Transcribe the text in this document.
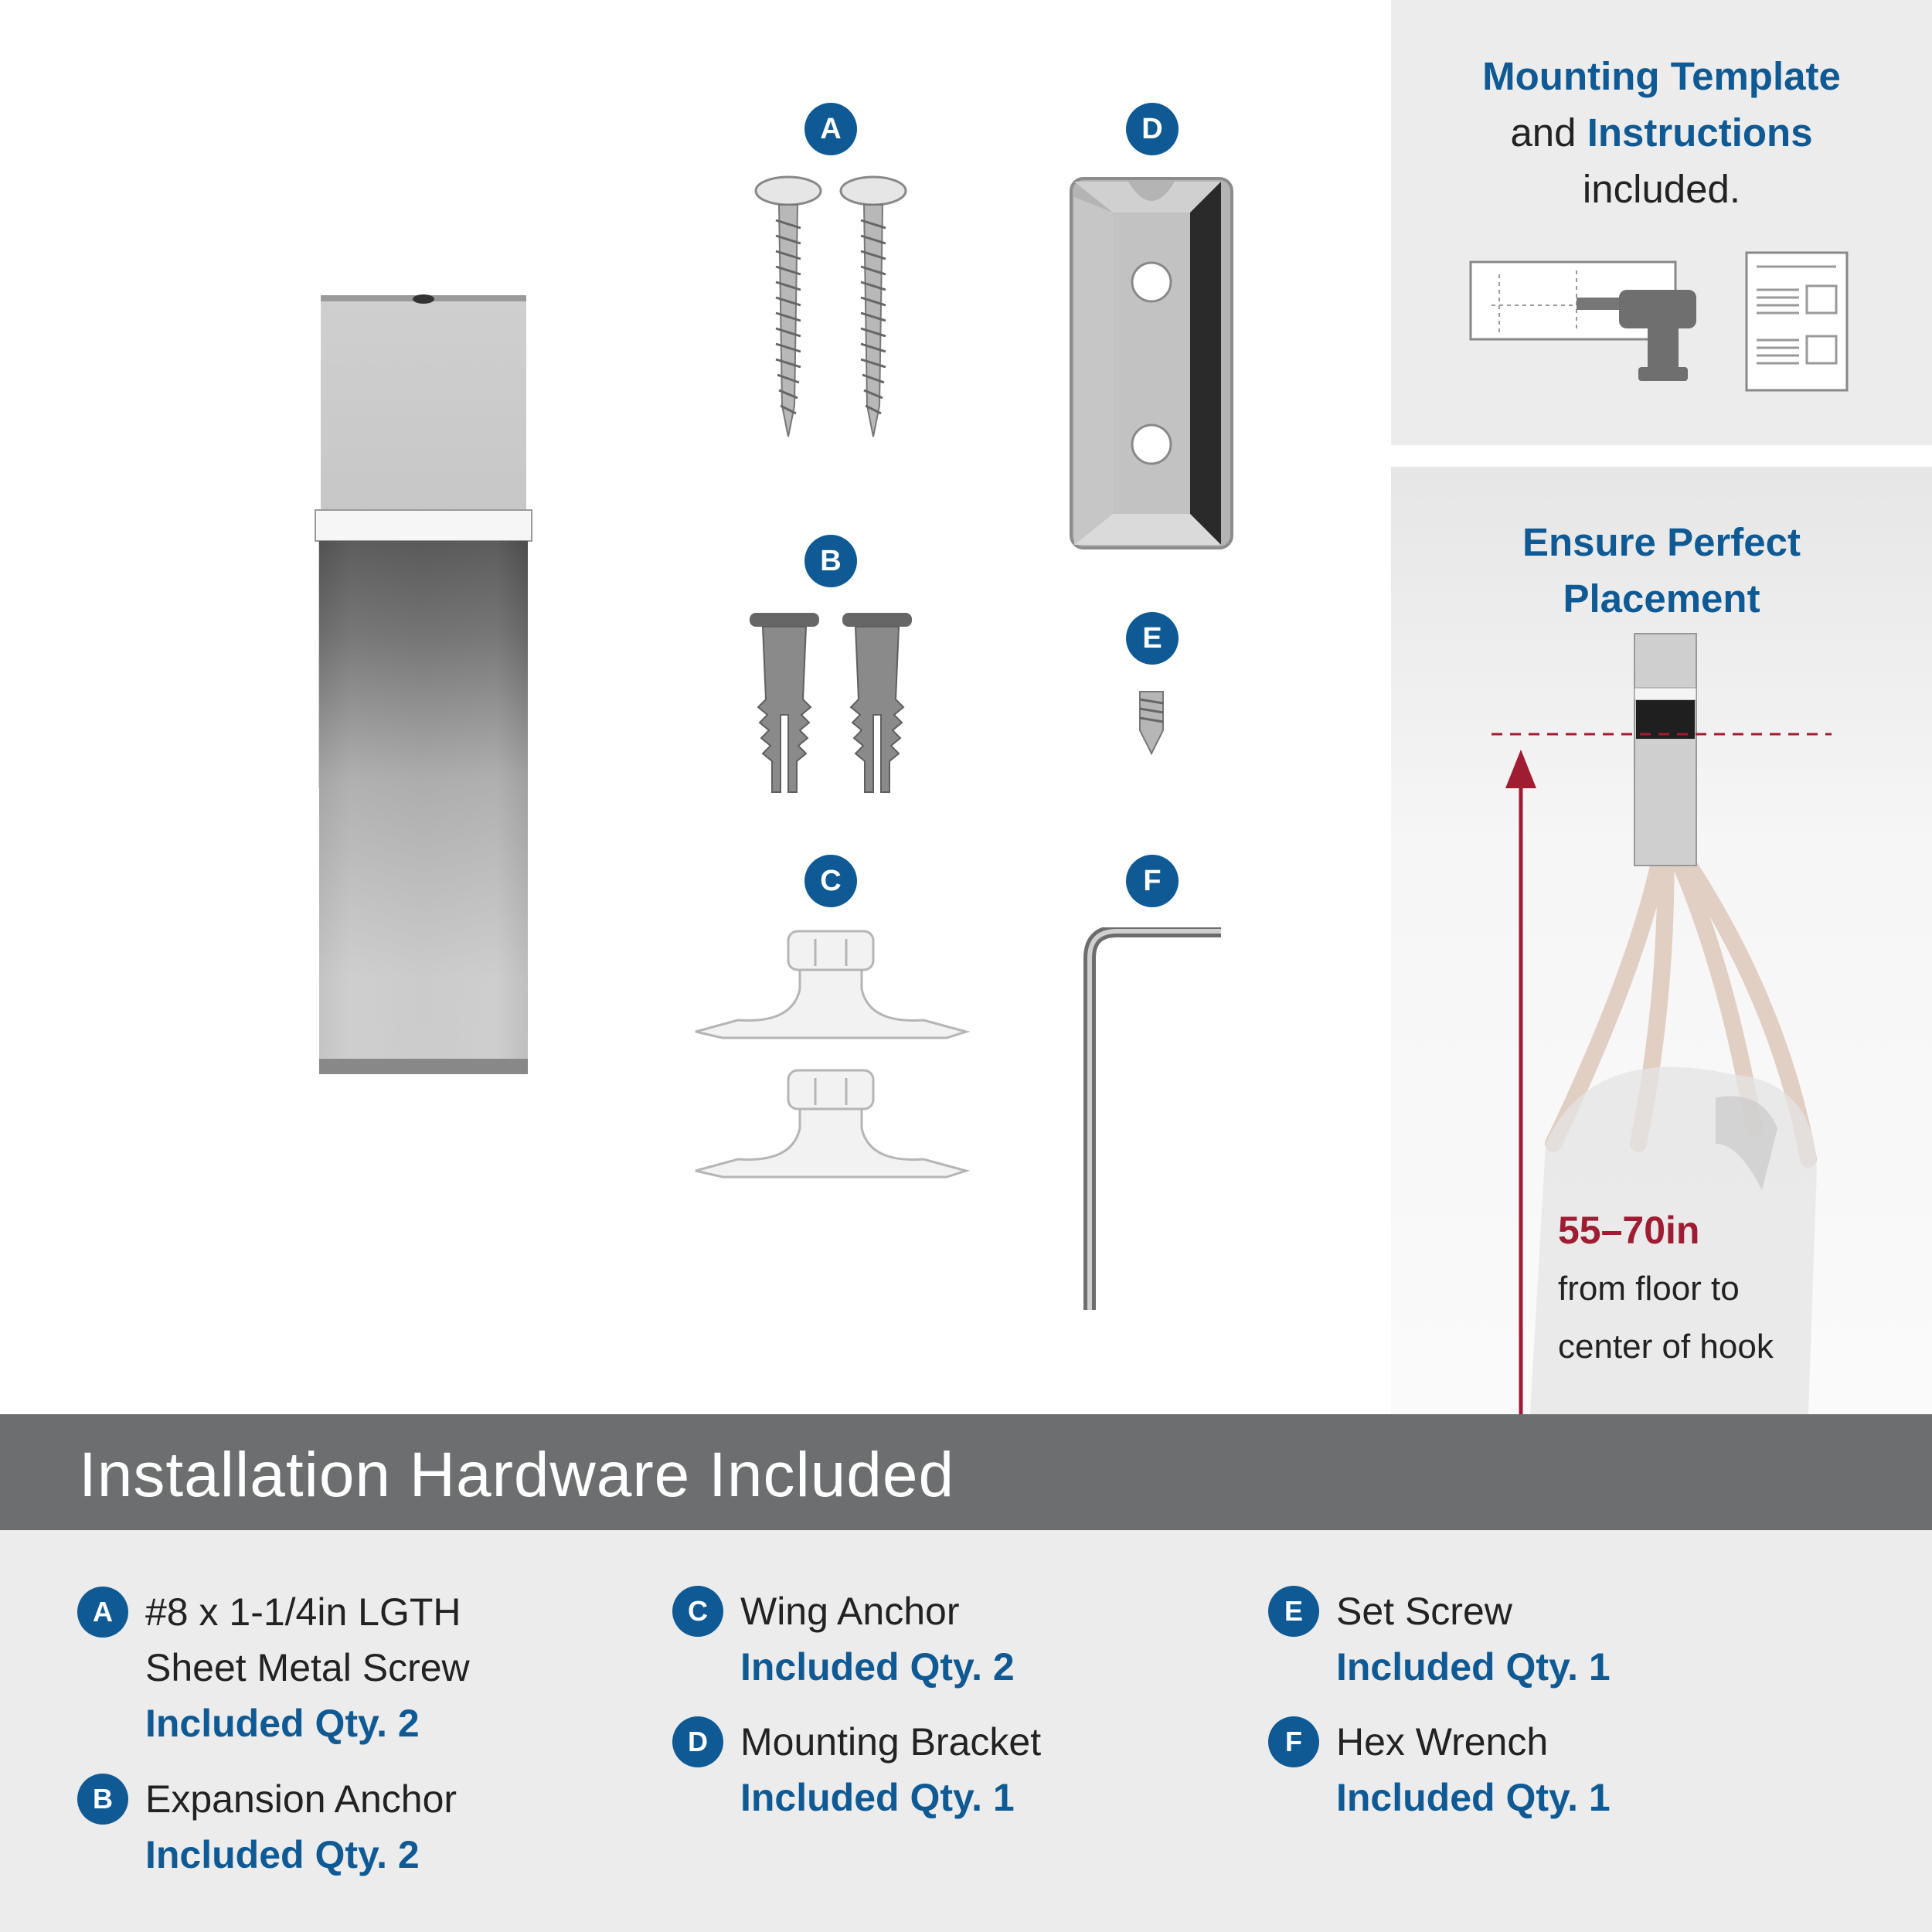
A
B
C
D
E
F
Mounting Template
and Instructions
included.
Ensure Perfect
Placement
55–70in
from floor to
center of hook
Installation Hardware Included
A #8 x 1-1/4in LGTH
Sheet Metal Screw
Included Qty. 2
B Expansion Anchor
Included Qty. 2
C Wing Anchor
Included Qty. 2
D Mounting Bracket
Included Qty. 1
E Set Screw
Included Qty. 1
F Hex Wrench
Included Qty. 1
